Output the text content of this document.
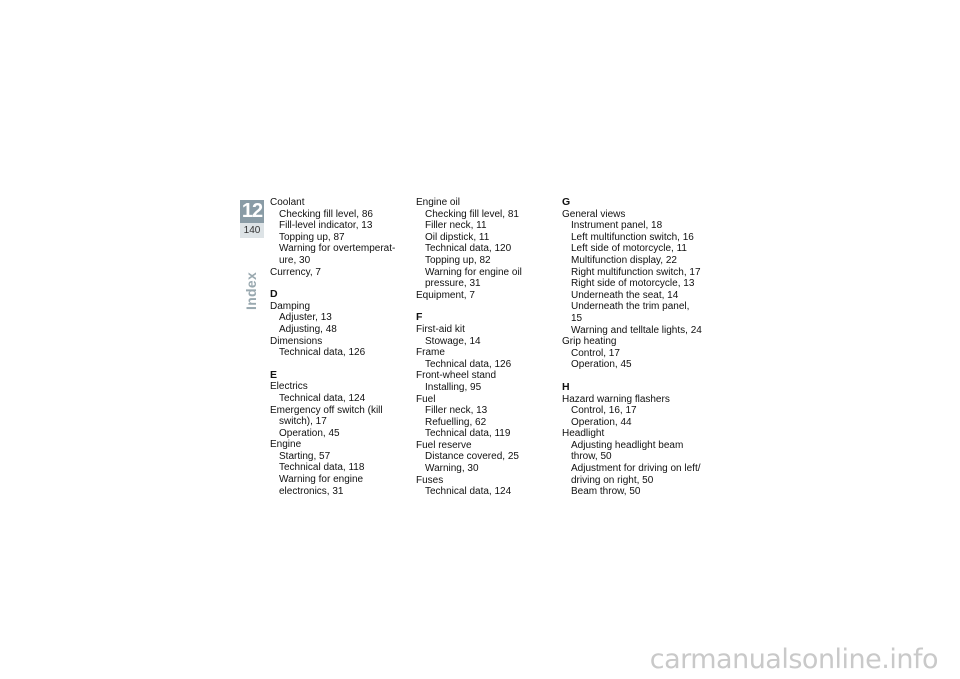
12
140
Index
Coolant
Checking fill level, 86
Fill-level indicator, 13
Topping up, 87
Warning for overtemperat-
ure, 30
Currency, 7
D
Damping
Adjuster, 13
Adjusting, 48
Dimensions
Technical data, 126
E
Electrics
Technical data, 124
Emergency off switch (kill
switch), 17
Operation, 45
Engine
Starting, 57
Technical data, 118
Warning for engine
electronics, 31
Engine oil
Checking fill level, 81
Filler neck, 11
Oil dipstick, 11
Technical data, 120
Topping up, 82
Warning for engine oil
pressure, 31
Equipment, 7
F
First-aid kit
Stowage, 14
Frame
Technical data, 126
Front-wheel stand
Installing, 95
Fuel
Filler neck, 13
Refuelling, 62
Technical data, 119
Fuel reserve
Distance covered, 25
Warning, 30
Fuses
Technical data, 124
G
General views
Instrument panel, 18
Left multifunction switch, 16
Left side of motorcycle, 11
Multifunction display, 22
Right multifunction switch, 17
Right side of motorcycle, 13
Underneath the seat, 14
Underneath the trim panel, 15
Warning and telltale lights, 24
Grip heating
Control, 17
Operation, 45
H
Hazard warning flashers
Control, 16, 17
Operation, 44
Headlight
Adjusting headlight beam
throw, 50
Adjustment for driving on left/
driving on right, 50
Beam throw, 50
carmanualsonline.info
